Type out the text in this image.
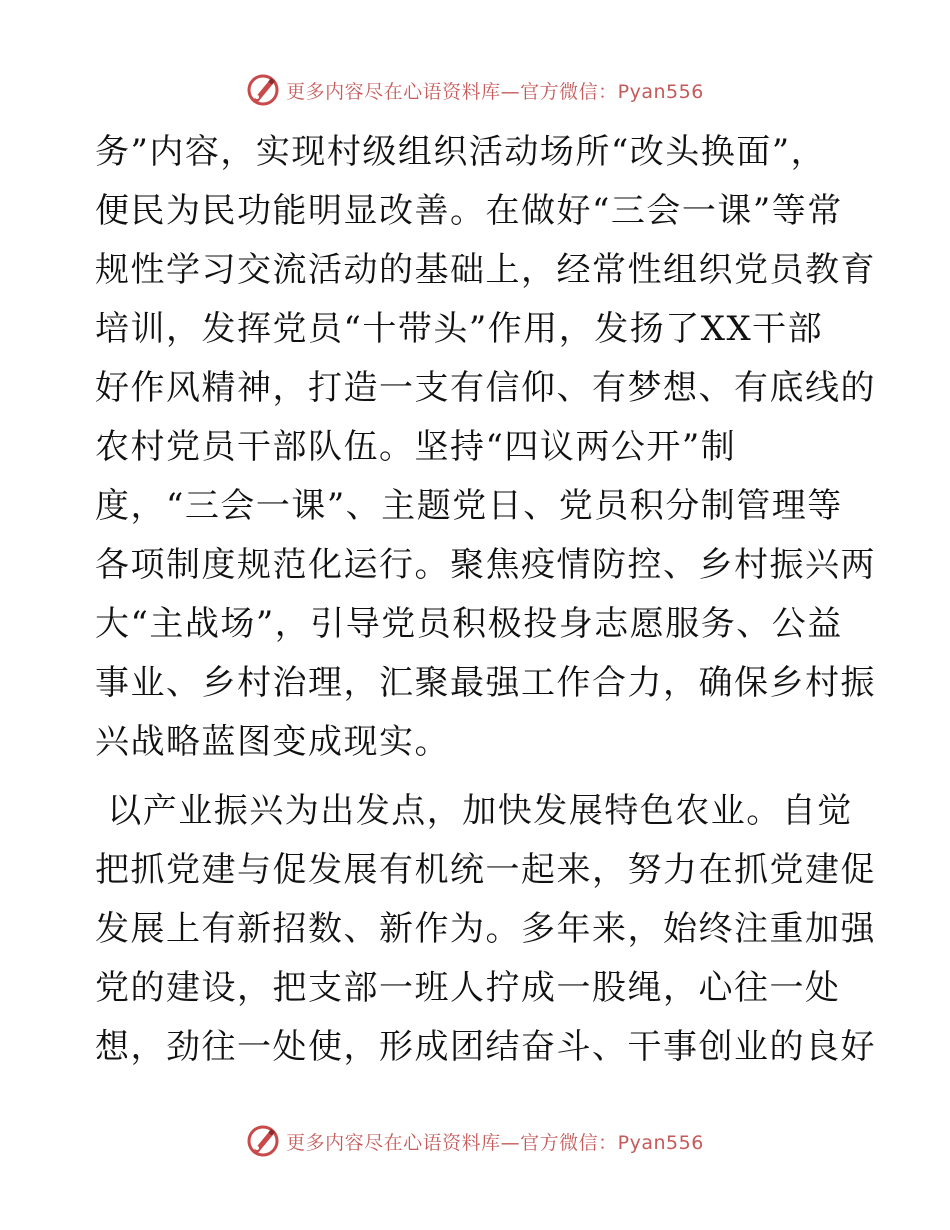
更多内容尽在心语资料库—官方微信：Pyan556
务”内容，实现村级组织活动场所“改头换面”，
便民为民功能明显改善。在做好“三会一课”等常
规性学习交流活动的基础上，经常性组织党员教育
培训，发挥党员“十带头”作用，发扬了XX干部
好作风精神，打造一支有信仰、有梦想、有底线的
农村党员干部队伍。坚持“四议两公开”制
度，“三会一课”、主题党日、党员积分制管理等
各项制度规范化运行。聚焦疫情防控、乡村振兴两
大“主战场”，引导党员积极投身志愿服务、公益
事业、乡村治理，汇聚最强工作合力，确保乡村振
兴战略蓝图变成现实。
以产业振兴为出发点，加快发展特色农业。自觉
把抓党建与促发展有机统一起来，努力在抓党建促
发展上有新招数、新作为。多年来，始终注重加强
党的建设，把支部一班人拧成一股绳，心往一处
想，劲往一处使，形成团结奋斗、干事创业的良好
更多内容尽在心语资料库—官方微信：Pyan556
